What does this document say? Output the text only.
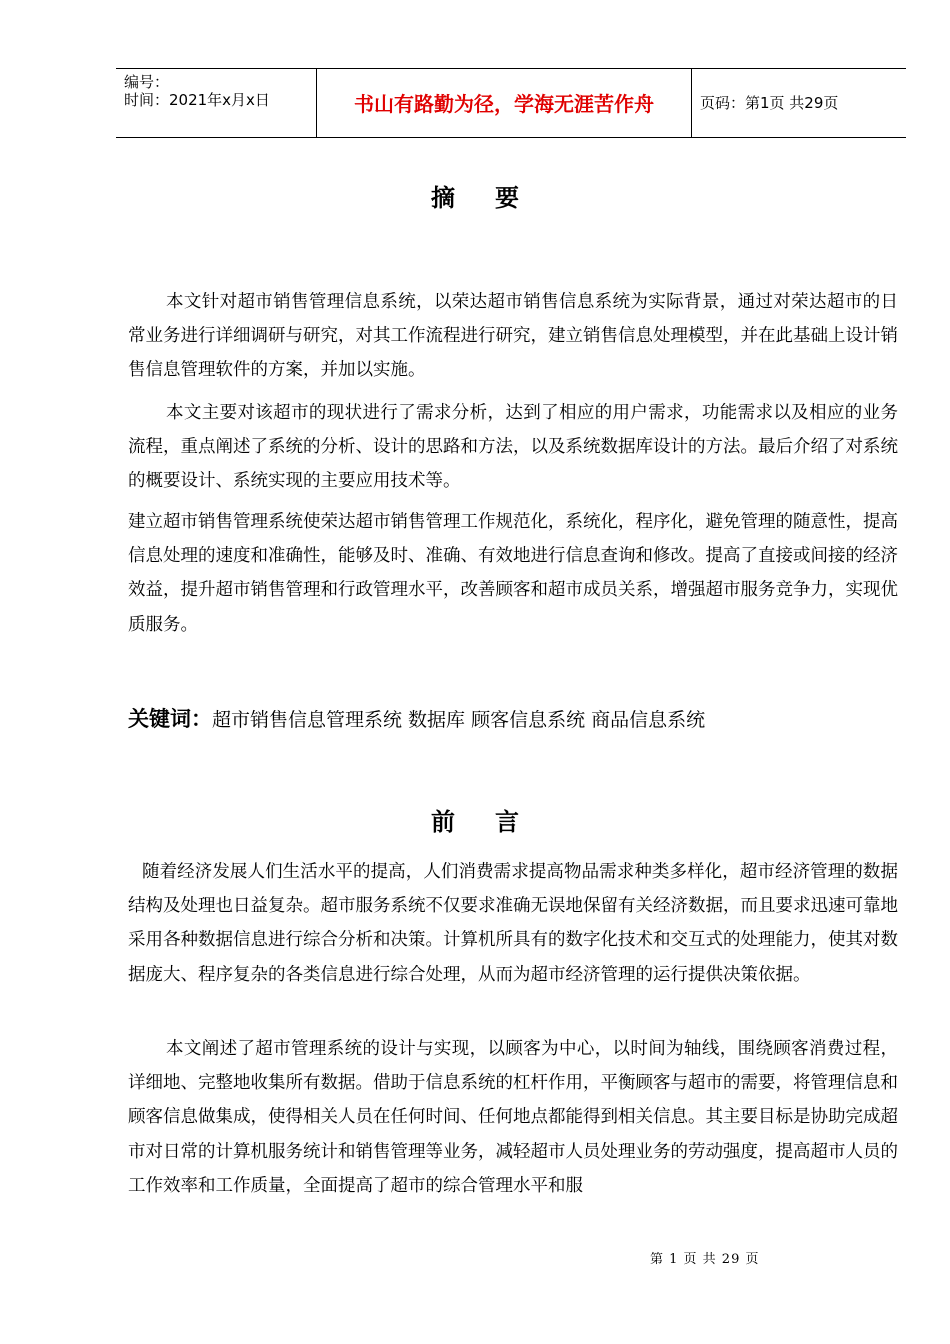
编号：
时间：2021年x月x日	书山有路勤为径，学海无涯苦作舟	页码：第1页 共29页
摘要

本文针对超市销售管理信息系统，以荣达超市销售信息系统为实际背景，通过对荣达超市的日常业务进行详细调研与研究，对其工作流程进行研究，建立销售信息处理模型，并在此基础上设计销售信息管理软件的方案，并加以实施。

本文主要对该超市的现状进行了需求分析，达到了相应的用户需求，功能需求以及相应的业务流程，重点阐述了系统的分析、设计的思路和方法，以及系统数据库设计的方法。最后介绍了对系统的概要设计、系统实现的主要应用技术等。

建立超市销售管理系统使荣达超市销售管理工作规范化，系统化，程序化，避免管理的随意性，提高信息处理的速度和准确性，能够及时、准确、有效地进行信息查询和修改。提高了直接或间接的经济效益，提升超市销售管理和行政管理水平，改善顾客和超市成员关系，增强超市服务竞争力，实现优质服务。

关键词：超市销售信息管理系统 数据库 顾客信息系统 商品信息系统
前言

随着经济发展人们生活水平的提高，人们消费需求提高物品需求种类多样化，超市经济管理的数据结构及处理也日益复杂。超市服务系统不仅要求准确无误地保留有关经济数据，而且要求迅速可靠地采用各种数据信息进行综合分析和决策。计算机所具有的数字化技术和交互式的处理能力，使其对数据庞大、程序复杂的各类信息进行综合处理，从而为超市经济管理的运行提供决策依据。

本文阐述了超市管理系统的设计与实现，以顾客为中心，以时间为轴线，围绕顾客消费过程，详细地、完整地收集所有数据。借助于信息系统的杠杆作用，平衡顾客与超市的需要，将管理信息和顾客信息做集成，使得相关人员在任何时间、任何地点都能得到相关信息。其主要目标是协助完成超市对日常的计算机服务统计和销售管理等业务，减轻超市人员处理业务的劳动强度，提高超市人员的工作效率和工作质量，全面提高了超市的综合管理水平和服

第 1 页 共 29 页
